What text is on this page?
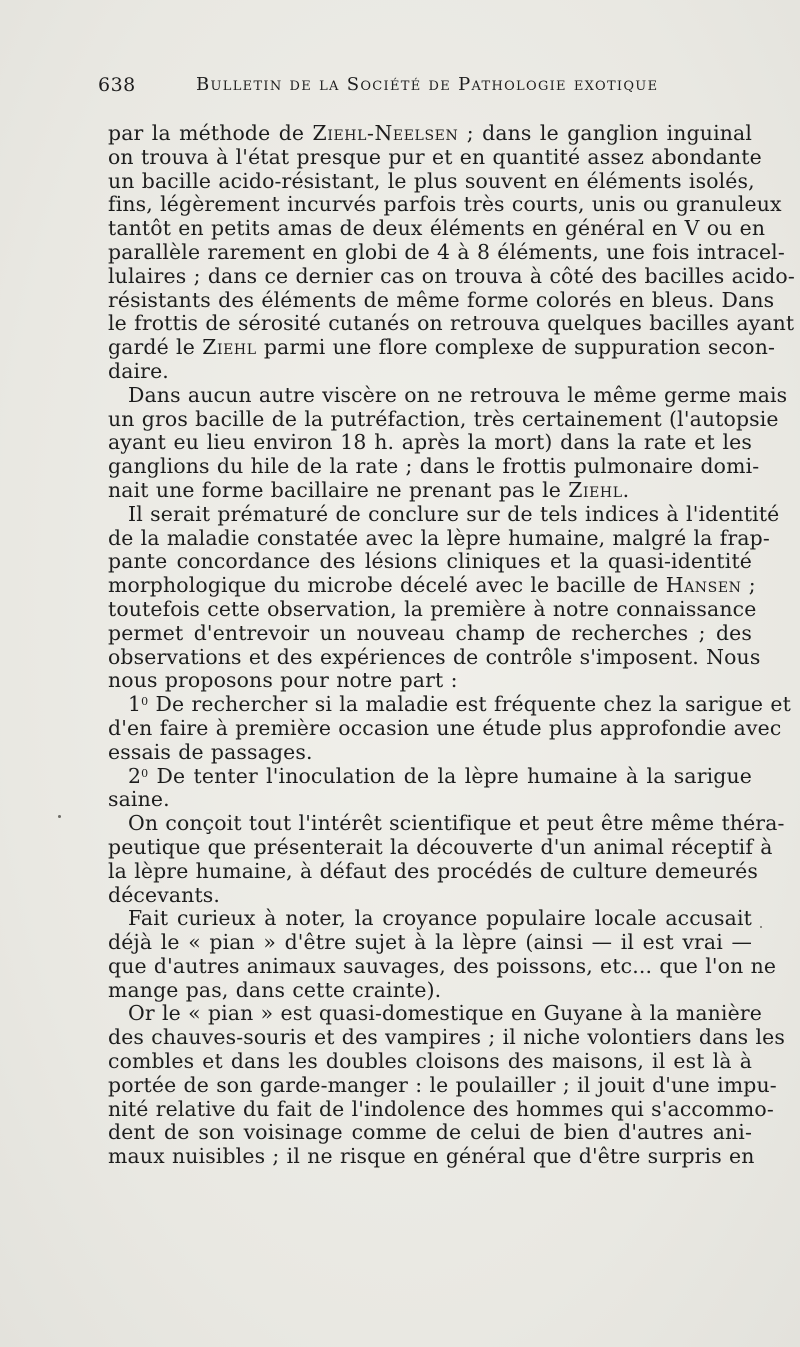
638	Bulletin de la Société de Pathologie exotique
par la méthode de Ziehl-Neelsen ; dans le ganglion inguinal
on trouva à l'état presque pur et en quantité assez abondante
un bacille acido-résistant, le plus souvent en éléments isolés,
fins, légèrement incurvés parfois très courts, unis ou granuleux
tantôt en petits amas de deux éléments en général en V ou en
parallèle rarement en globi de 4 à 8 éléments, une fois intracel-
lulaires ; dans ce dernier cas on trouva à côté des bacilles acido-
résistants des éléments de même forme colorés en bleus. Dans
le frottis de sérosité cutanés on retrouva quelques bacilles ayant
gardé le Ziehl parmi une flore complexe de suppuration secon-
daire.
Dans aucun autre viscère on ne retrouva le même germe mais
un gros bacille de la putréfaction, très certainement (l'autopsie
ayant eu lieu environ 18 h. après la mort) dans la rate et les
ganglions du hile de la rate ; dans le frottis pulmonaire domi-
nait une forme bacillaire ne prenant pas le Ziehl.
Il serait prématuré de conclure sur de tels indices à l'identité
de la maladie constatée avec la lèpre humaine, malgré la frap-
pante concordance des lésions cliniques et la quasi-identité
morphologique du microbe décelé avec le bacille de Hansen ;
toutefois cette observation, la première à notre connaissance
permet d'entrevoir un nouveau champ de recherches ; des
observations et des expériences de contrôle s'imposent. Nous
nous proposons pour notre part :
$1^0$ De rechercher si la maladie est fréquente chez la sarigue et
d'en faire à première occasion une étude plus approfondie avec
essais de passages.
$2^0$ De tenter l'inoculation de la lèpre humaine à la sarigue
saine.
On conçoit tout l'intérêt scientifique et peut être même théra-
peutique que présenterait la découverte d'un animal réceptif à
la lèpre humaine, à défaut des procédés de culture demeurés
décevants.
Fait curieux à noter, la croyance populaire locale accusait
déjà le « pian » d'être sujet à la lèpre (ainsi — il est vrai —
que d'autres animaux sauvages, des poissons, etc... que l'on ne
mange pas, dans cette crainte).
Or le « pian » est quasi-domestique en Guyane à la manière
des chauves-souris et des vampires ; il niche volontiers dans les
combles et dans les doubles cloisons des maisons, il est là à
portée de son garde-manger : le poulailler ; il jouit d'une impu-
nité relative du fait de l'indolence des hommes qui s'accommo-
dent de son voisinage comme de celui de bien d'autres ani-
maux nuisibles ; il ne risque en général que d'être surpris en
